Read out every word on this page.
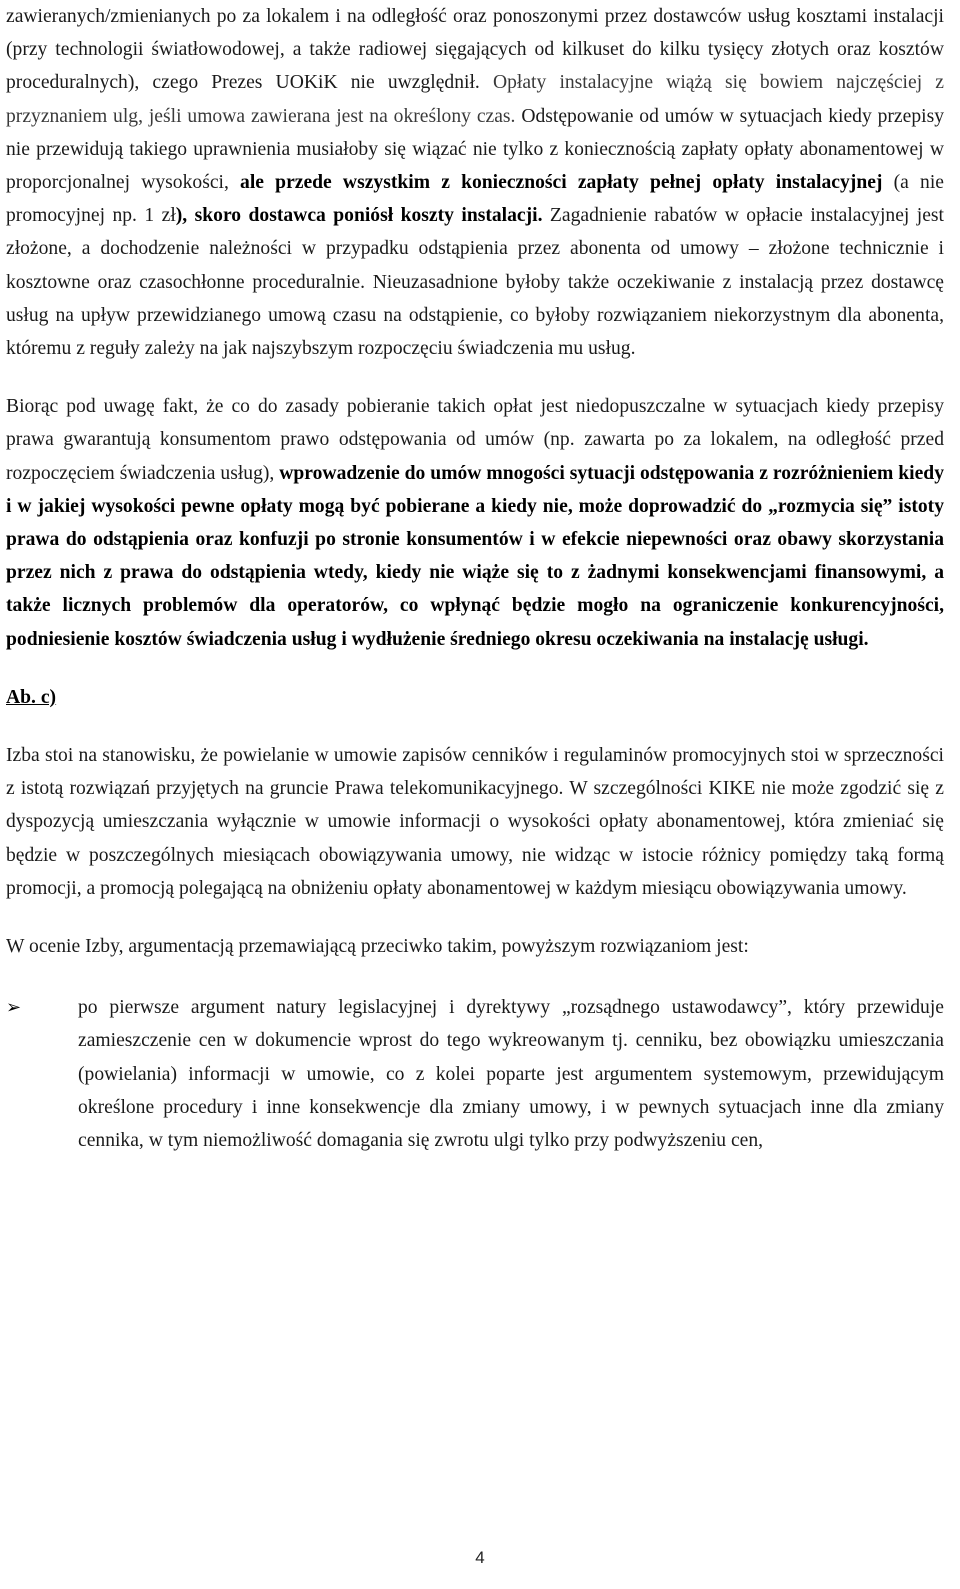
zawieranych/zmienianych po za lokalem i na odległość oraz ponoszonymi przez dostawców usług kosztami instalacji (przy technologii światłowodowej, a także radiowej sięgających od kilkuset do kilku tysięcy złotych oraz kosztów proceduralnych), czego Prezes UOKiK nie uwzględnił. Opłaty instalacyjne wiążą się bowiem najczęściej z przyznaniem ulg, jeśli umowa zawierana jest na określony czas. Odstępowanie od umów w sytuacjach kiedy przepisy nie przewidują takiego uprawnienia musiałoby się wiązać nie tylko z koniecznością zapłaty opłaty abonamentowej w proporcjonalnej wysokości, ale przede wszystkim z konieczności zapłaty pełnej opłaty instalacyjnej (a nie promocyjnej np. 1 zł), skoro dostawca poniósł koszty instalacji. Zagadnienie rabatów w opłacie instalacyjnej jest złożone, a dochodzenie należności w przypadku odstąpienia przez abonenta od umowy – złożone technicznie i kosztowne oraz czasochłonne proceduralnie. Nieuzasadnione byłoby także oczekiwanie z instalacją przez dostawcę usług na upływ przewidzianego umową czasu na odstąpienie, co byłoby rozwiązaniem niekorzystnym dla abonenta, któremu z reguły zależy na jak najszybszym rozpoczęciu świadczenia mu usług.

Biorąc pod uwagę fakt, że co do zasady pobieranie takich opłat jest niedopuszczalne w sytuacjach kiedy przepisy prawa gwarantują konsumentom prawo odstępowania od umów (np. zawarta po za lokalem, na odległość przed rozpoczęciem świadczenia usług), wprowadzenie do umów mnogości sytuacji odstępowania z rozróżnieniem kiedy i w jakiej wysokości pewne opłaty mogą być pobierane a kiedy nie, może doprowadzić do „rozmycia się” istoty prawa do odstąpienia oraz konfuzji po stronie konsumentów i w efekcie niepewności oraz obawy skorzystania przez nich z prawa do odstąpienia wtedy, kiedy nie wiąże się to z żadnymi konsekwencjami finansowymi, a także licznych problemów dla operatorów, co wpłynąć będzie mogło na ograniczenie konkurencyjności, podniesienie kosztów świadczenia usług i wydłużenie średniego okresu oczekiwania na instalację usługi.

Ab. c)

Izba stoi na stanowisku, że powielanie w umowie zapisów cenników i regulaminów promocyjnych stoi w sprzeczności z istotą rozwiązań przyjętych na gruncie Prawa telekomunikacyjnego. W szczególności KIKE nie może zgodzić się z dyspozycją umieszczania wyłącznie w umowie informacji o wysokości opłaty abonamentowej, która zmieniać się będzie w poszczególnych miesiącach obowiązywania umowy, nie widząc w istocie różnicy pomiędzy taką formą promocji, a promocją polegającą na obniżeniu opłaty abonamentowej w każdym miesiącu obowiązywania umowy.

W ocenie Izby, argumentacją przemawiającą przeciwko takim, powyższym rozwiązaniom jest:

➢	po pierwsze argument natury legislacyjnej i dyrektywy „rozsądnego ustawodawcy”, który przewiduje zamieszczenie cen w dokumencie wprost do tego wykreowanym tj. cenniku, bez obowiązku umieszczania (powielania) informacji w umowie, co z kolei poparte jest argumentem systemowym, przewidującym określone procedury i inne konsekwencje dla zmiany umowy, i w pewnych sytuacjach inne dla zmiany cennika, w tym niemożliwość domagania się zwrotu ulgi tylko przy podwyższeniu cen,

4
